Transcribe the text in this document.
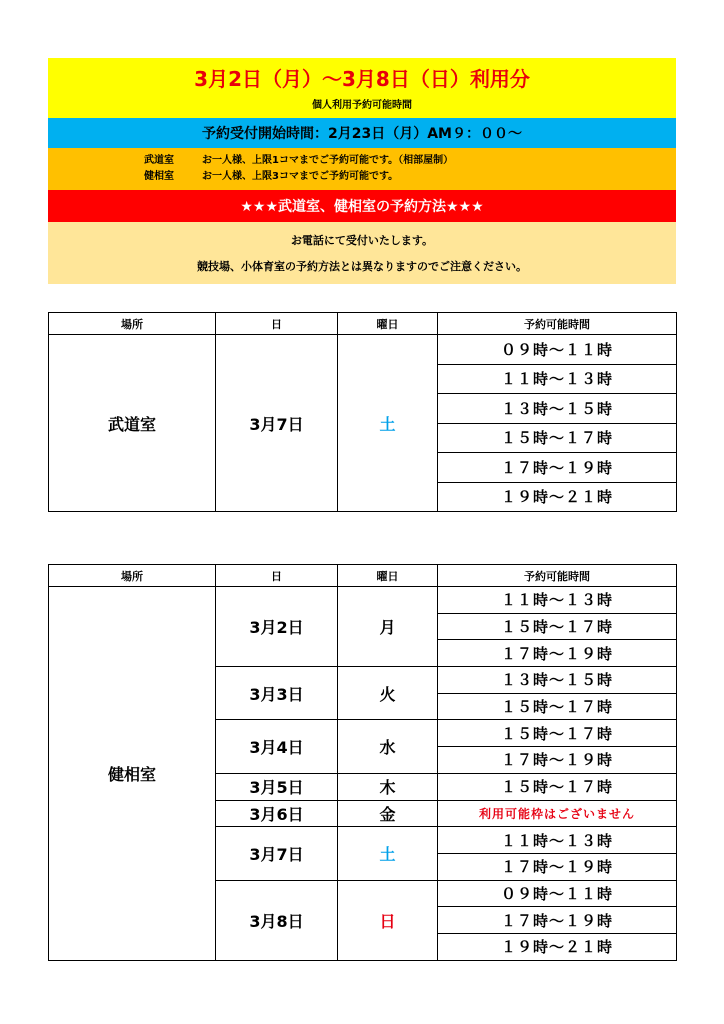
3月2日（月）～3月8日（日）利用分
個人利用予約可能時間
予約受付開始時間：2月23日（月）AM９：００～
武道室	お一人様、上限1コマまでご予約可能です。（相部屋制）
健相室	お一人様、上限3コマまでご予約可能です。
★★★武道室、健相室の予約方法★★★
お電話にて受付いたします。
競技場、小体育室の予約方法とは異なりますのでご注意ください。
場所	日	曜日	予約可能時間
武道室	3月7日	土	０９時～１１時
			１１時～１３時
			１３時～１５時
			１５時～１７時
			１７時～１９時
			１９時～２１時
場所	日	曜日	予約可能時間
健相室	3月2日	月	１１時～１３時
			１５時～１７時
			１７時～１９時
	3月3日	火	１３時～１５時
			１５時～１７時
	3月4日	水	１５時～１７時
			１７時～１９時
	3月5日	木	１５時～１７時
	3月6日	金	利用可能枠はございません
	3月7日	土	１１時～１３時
			１７時～１９時
	3月8日	日	０９時～１１時
			１７時～１９時
			１９時～２１時
